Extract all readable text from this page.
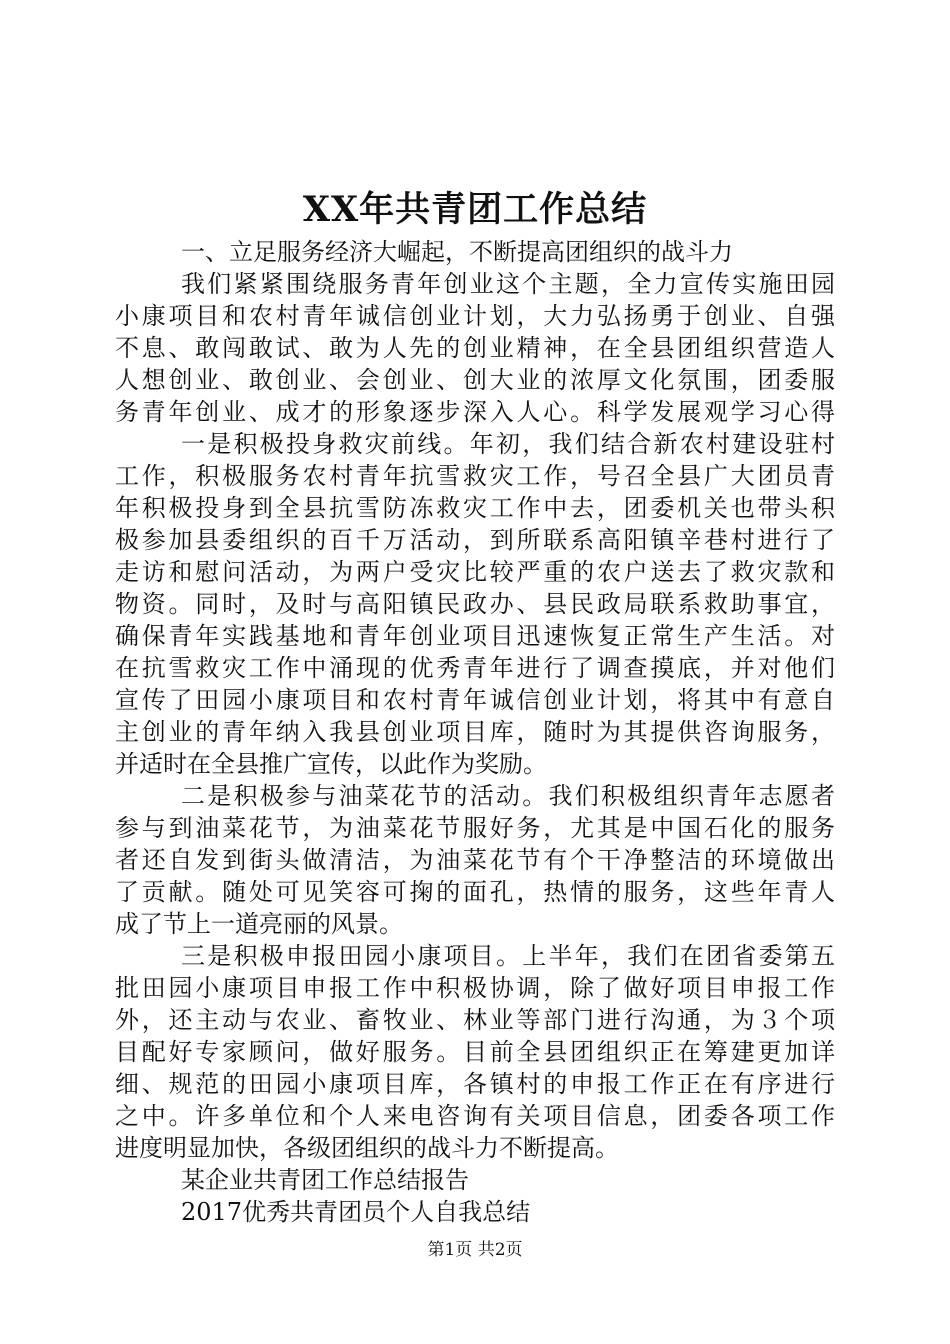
XX年共青团工作总结
一、立足服务经济大崛起，不断提高团组织的战斗力
我们紧紧围绕服务青年创业这个主题，全力宣传实施田园
小康项目和农村青年诚信创业计划，大力弘扬勇于创业、自强
不息、敢闯敢试、敢为人先的创业精神，在全县团组织营造人
人想创业、敢创业、会创业、创大业的浓厚文化氛围，团委服
务青年创业、成才的形象逐步深入人心。科学发展观学习心得
一是积极投身救灾前线。年初，我们结合新农村建设驻村
工作，积极服务农村青年抗雪救灾工作，号召全县广大团员青
年积极投身到全县抗雪防冻救灾工作中去，团委机关也带头积
极参加县委组织的百千万活动，到所联系高阳镇辛巷村进行了
走访和慰问活动，为两户受灾比较严重的农户送去了救灾款和
物资。同时，及时与高阳镇民政办、县民政局联系救助事宜，
确保青年实践基地和青年创业项目迅速恢复正常生产生活。对
在抗雪救灾工作中涌现的优秀青年进行了调查摸底，并对他们
宣传了田园小康项目和农村青年诚信创业计划，将其中有意自
主创业的青年纳入我县创业项目库，随时为其提供咨询服务，
并适时在全县推广宣传，以此作为奖励。
二是积极参与油菜花节的活动。我们积极组织青年志愿者
参与到油菜花节，为油菜花节服好务，尤其是中国石化的服务
者还自发到街头做清洁，为油菜花节有个干净整洁的环境做出
了贡献。随处可见笑容可掬的面孔，热情的服务，这些年青人
成了节上一道亮丽的风景。
三是积极申报田园小康项目。上半年，我们在团省委第五
批田园小康项目申报工作中积极协调，除了做好项目申报工作
外，还主动与农业、畜牧业、林业等部门进行沟通，为３个项
目配好专家顾问，做好服务。目前全县团组织正在筹建更加详
细、规范的田园小康项目库，各镇村的申报工作正在有序进行
之中。许多单位和个人来电咨询有关项目信息，团委各项工作
进度明显加快，各级团组织的战斗力不断提高。
某企业共青团工作总结报告
2017优秀共青团员个人自我总结
第1页 共2页
